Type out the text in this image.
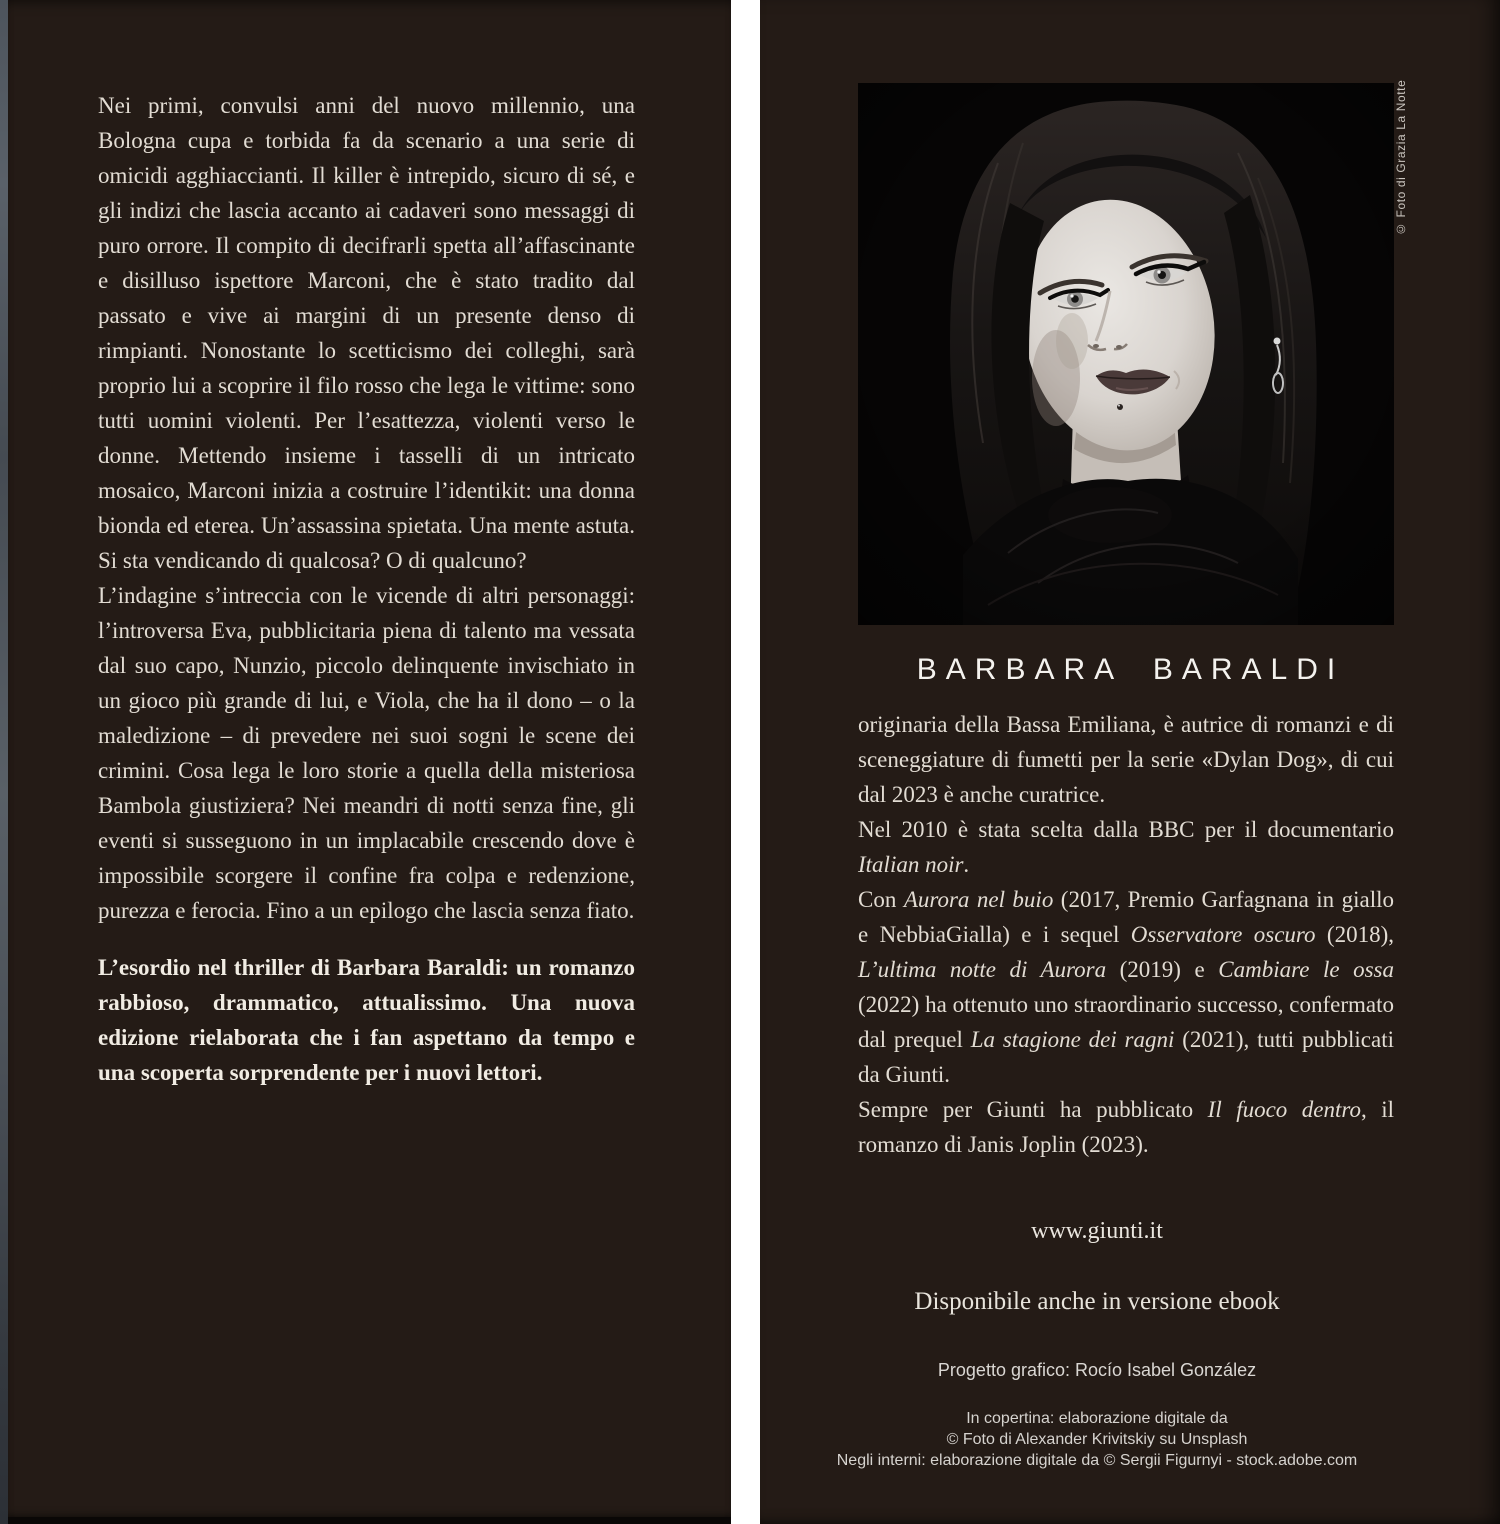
Nei primi, convulsi anni del nuovo millennio, una Bologna cupa e torbida fa da scenario a una serie di omicidi agghiaccianti. Il killer è intrepido, sicuro di sé, e gli indizi che lascia accanto ai cadaveri sono messaggi di puro orrore. Il compito di decifrarli spetta all’affascinante e disilluso ispettore Marconi, che è stato tradito dal passato e vive ai margini di un presente denso di rimpianti. Nonostante lo scetticismo dei colleghi, sarà proprio lui a scoprire il filo rosso che lega le vittime: sono tutti uomini violenti. Per l’esattezza, violenti verso le donne. Mettendo insieme i tasselli di un intricato mosaico, Marconi inizia a costruire l’identikit: una donna bionda ed eterea. Un’assassina spietata. Una mente astuta. Si sta vendicando di qualcosa? O di qualcuno?

L’indagine s’intreccia con le vicende di altri personaggi: l’introversa Eva, pubblicitaria piena di talento ma vessata dal suo capo, Nunzio, piccolo delinquente invischiato in un gioco più grande di lui, e Viola, che ha il dono – o la maledizione – di prevedere nei suoi sogni le scene dei crimini. Cosa lega le loro storie a quella della misteriosa Bambola giustiziera? Nei meandri di notti senza fine, gli eventi si susseguono in un implacabile crescendo dove è impossibile scorgere il confine fra colpa e redenzione, purezza e ferocia. Fino a un epilogo che lascia senza fiato.

L’esordio nel thriller di Barbara Baraldi: un romanzo rabbioso, drammatico, attualissimo. Una nuova edizione rielaborata che i fan aspettano da tempo e una scoperta sorprendente per i nuovi lettori.

© Foto di Grazia La Notte
BARBARA BARALDI

originaria della Bassa Emiliana, è autrice di romanzi e di sceneggiature di fumetti per la serie «Dylan Dog», di cui dal 2023 è anche curatrice.

Nel 2010 è stata scelta dalla BBC per il documentario Italian noir.

Con Aurora nel buio (2017, Premio Garfagnana in giallo e NebbiaGialla) e i sequel Osservatore oscuro (2018), L’ultima notte di Aurora (2019) e Cambiare le ossa (2022) ha ottenuto uno straordinario successo, confermato dal prequel La stagione dei ragni (2021), tutti pubblicati da Giunti.

Sempre per Giunti ha pubblicato Il fuoco dentro, il romanzo di Janis Joplin (2023).

www.giunti.it
Disponibile anche in versione ebook
Progetto grafico: Rocío Isabel González
In copertina: elaborazione digitale da
© Foto di Alexander Krivitskiy su Unsplash
Negli interni: elaborazione digitale da © Sergii Figurnyi - stock.adobe.com
